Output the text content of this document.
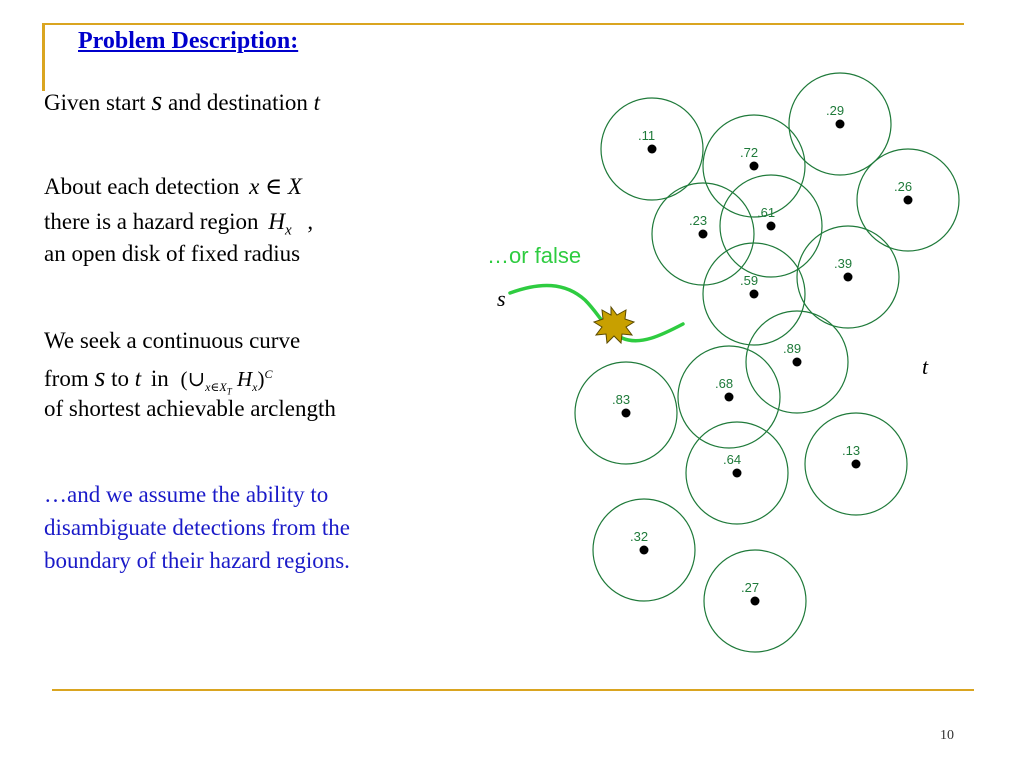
Problem Description:
Given start s and destination t
About each detection x ∈ X
there is a hazard region $H_x$ ,
an open disk of fixed radius
We seek a continuous curve
from s to t in ($\cup_{x\in X_T}$ $H_x)^C$
of shortest achievable arclength
…and we assume the ability to
disambiguate detections from the
boundary of their hazard regions.
.11
.72
.29
.26
.23
.61
.39
.59
.89
.68
.83
.13
.64
.32
.27
…or false
s
t
10
